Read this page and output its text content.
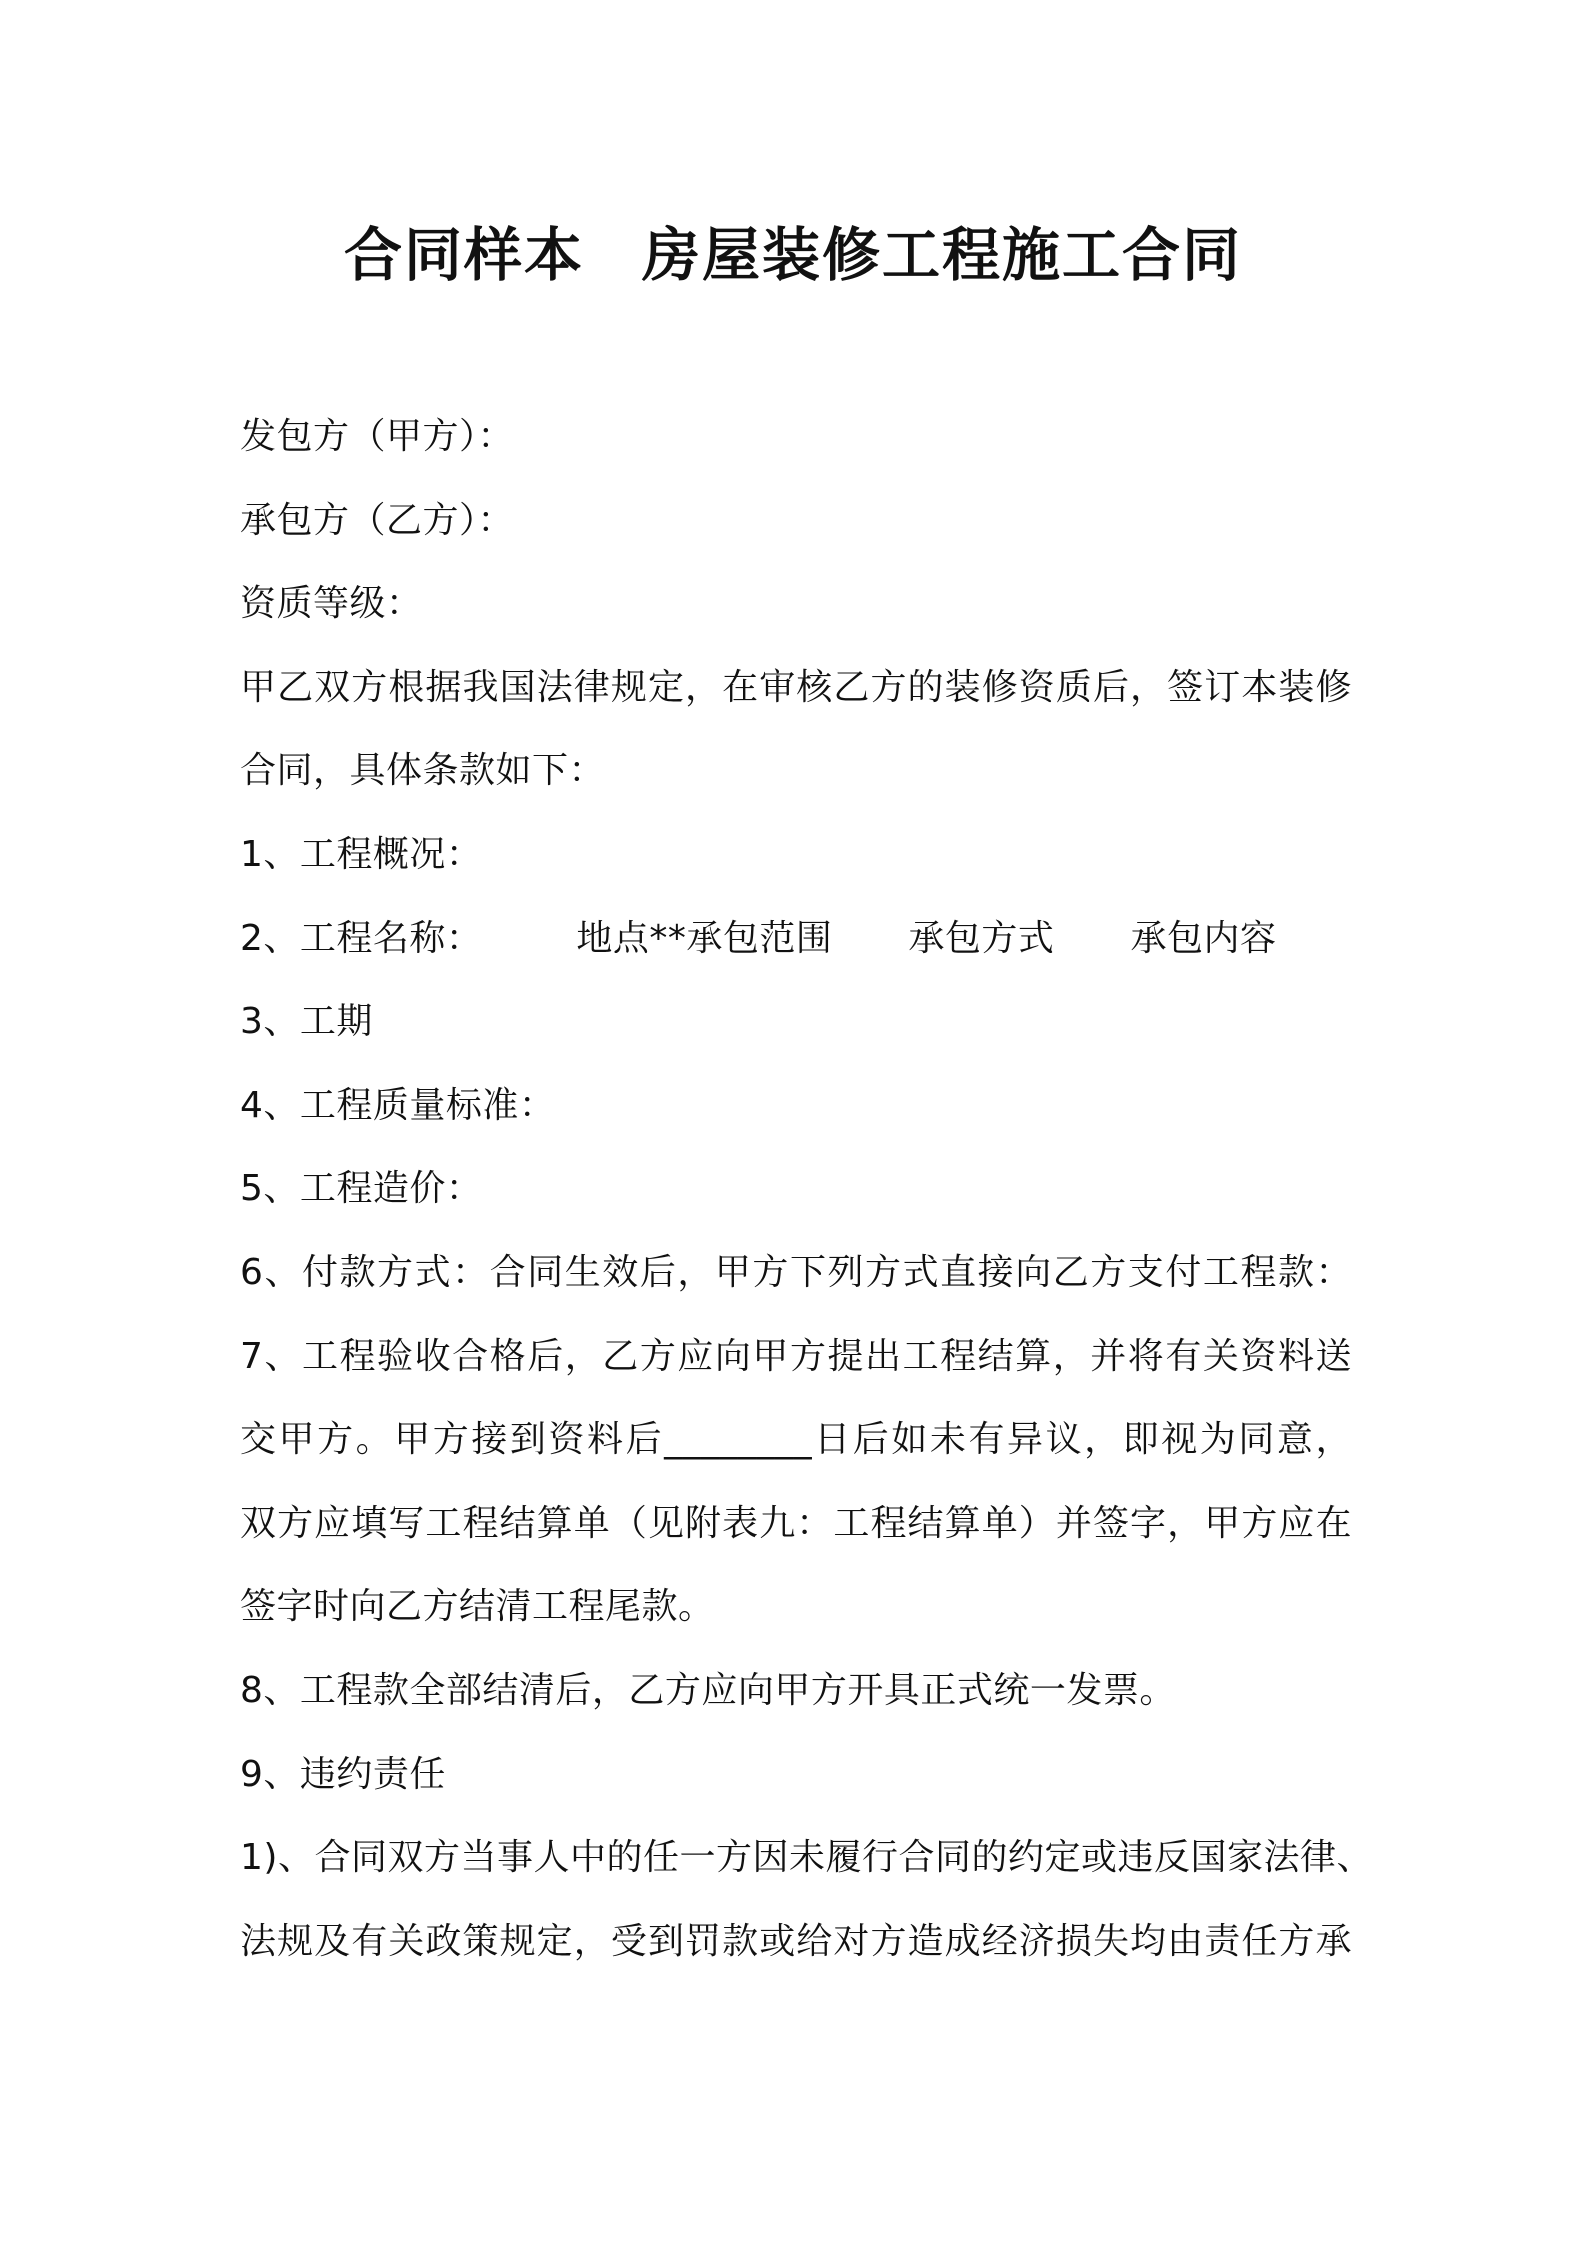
合同样本 房屋装修工程施工合同
发包方（甲方）：
承包方（乙方）：
资质等级：
甲乙双方根据我国法律规定，在审核乙方的装修资质后，签订本装修
合同，具体条款如下：
1、工程概况：
2、工程名称：	地点**承包范围 承包方式 承包内容
3、工期
4、工程质量标准：
5、工程造价：
6、付款方式：合同生效后，甲方下列方式直接向乙方支付工程款：
7、工程验收合格后，乙方应向甲方提出工程结算，并将有关资料送
交甲方。甲方接到资料后________日后如未有异议，即视为同意，
双方应填写工程结算单（见附表九：工程结算单）并签字，甲方应在
签字时向乙方结清工程尾款。
8、工程款全部结清后，乙方应向甲方开具正式统一发票。
9、违约责任
1)、合同双方当事人中的任一方因未履行合同的约定或违反国家法律、
法规及有关政策规定，受到罚款或给对方造成经济损失均由责任方承
